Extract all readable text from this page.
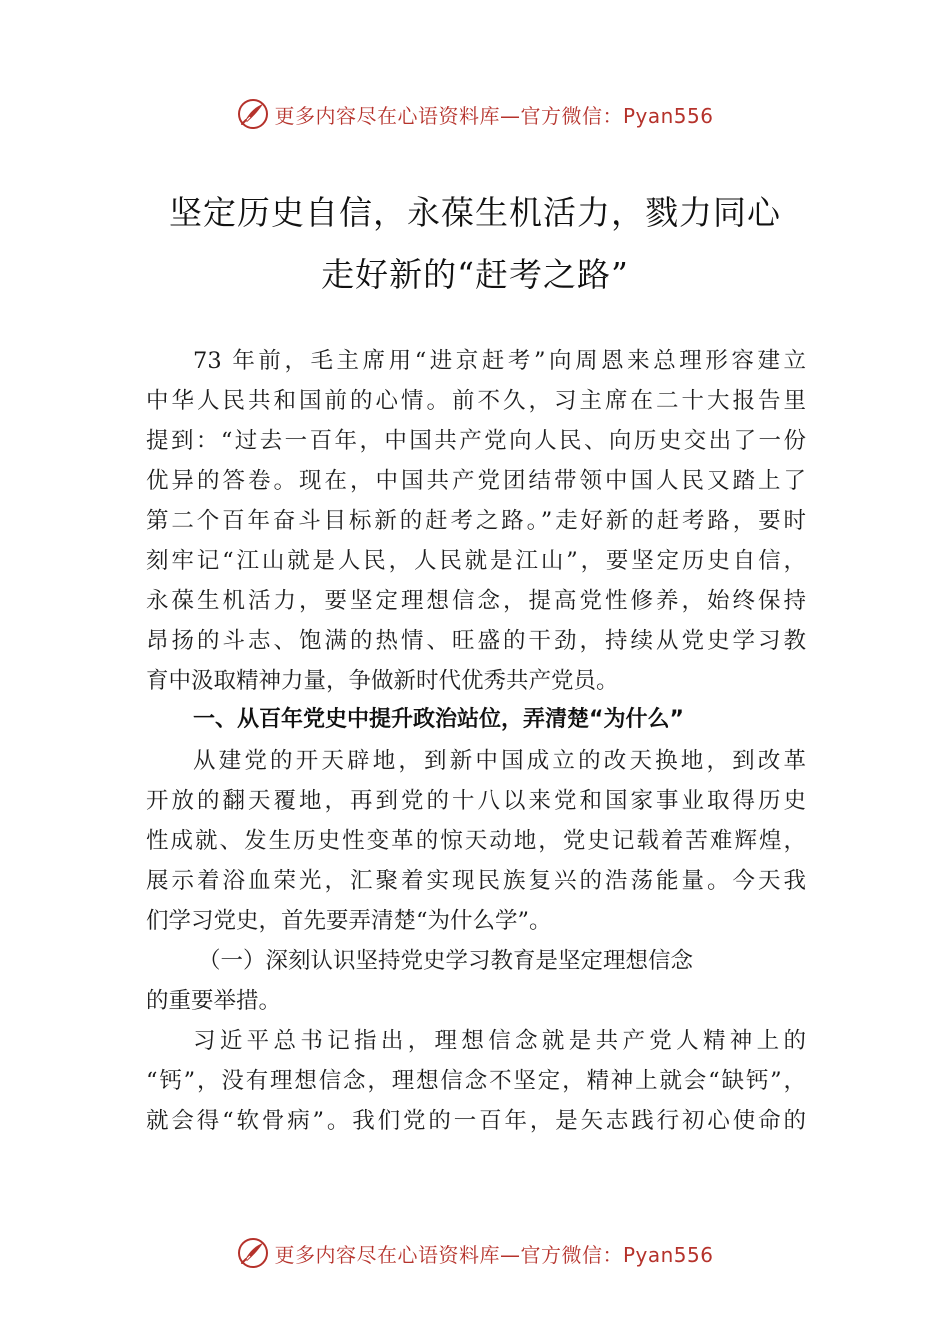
更多内容尽在心语资料库—官方微信：Pyan556
坚定历史自信，永葆生机活力，戮力同心
走好新的“赶考之路”
73 年前，毛主席用“进京赶考”向周恩来总理形容建立
中华人民共和国前的心情。前不久，习主席在二十大报告里
提到：“过去一百年，中国共产党向人民、向历史交出了一份
优异的答卷。现在，中国共产党团结带领中国人民又踏上了
第二个百年奋斗目标新的赶考之路。”走好新的赶考路，要时
刻牢记“江山就是人民，人民就是江山”，要坚定历史自信，
永葆生机活力，要坚定理想信念，提高党性修养，始终保持
昂扬的斗志、饱满的热情、旺盛的干劲，持续从党史学习教
育中汲取精神力量，争做新时代优秀共产党员。
一、从百年党史中提升政治站位，弄清楚“为什么”
从建党的开天辟地，到新中国成立的改天换地，到改革
开放的翻天覆地，再到党的十八以来党和国家事业取得历史
性成就、发生历史性变革的惊天动地，党史记载着苦难辉煌，
展示着浴血荣光，汇聚着实现民族复兴的浩荡能量。今天我
们学习党史，首先要弄清楚“为什么学”。
（一）深刻认识坚持党史学习教育是坚定理想信念
的重要举措。
习近平总书记指出，理想信念就是共产党人精神上的
“钙”，没有理想信念，理想信念不坚定，精神上就会“缺钙”，
就会得“软骨病”。我们党的一百年，是矢志践行初心使命的
更多内容尽在心语资料库—官方微信：Pyan556
